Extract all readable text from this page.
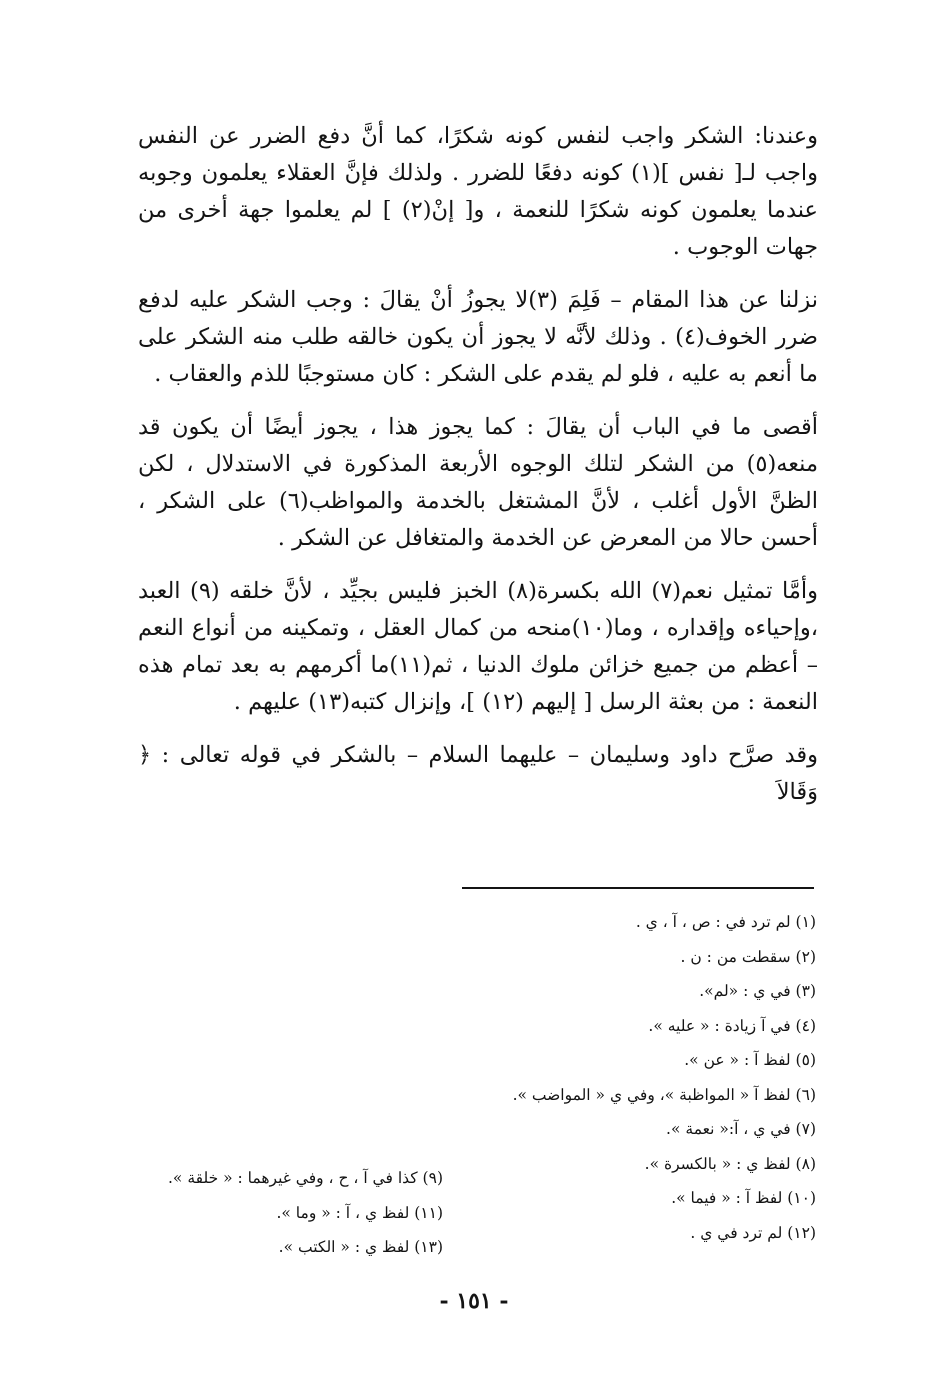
وعندنا: الشكر واجب لنفس كونه شكرًا، كما أنَّ دفع الضرر عن النفس واجب لـ[ نفس ](١) كونه دفعًا للضرر . ولذلك فإنَّ العقلاء يعلمون وجوبه عندما يعلمون كونه شكرًا للنعمة ، و[ إنْ(٢) ] لم يعلموا جهة أخرى من جهات الوجوب .

نزلنا عن هذا المقام – فَلِمَ (٣)لا يجوزُ أنْ يقالَ : وجب الشكر عليه لدفع ضرر الخوف(٤) . وذلك لأنَّه لا يجوز أن يكون خالقه طلب منه الشكر على ما أنعم به عليه ، فلو لم يقدم على الشكر : كان مستوجبًا للذم والعقاب .

أقصى ما في الباب أن يقالَ : كما يجوز هذا ، يجوز أيضًا أن يكون قد منعه(٥) من الشكر لتلك الوجوه الأربعة المذكورة في الاستدلال ، لكن الظنَّ الأول أغلب ، لأنَّ المشتغل بالخدمة والمواظب(٦) على الشكر ، أحسن حالا من المعرض عن الخدمة والمتغافل عن الشكر .

وأمَّا تمثيل نعم(٧) الله بكسرة(٨) الخبز فليس بجيِّد ، لأنَّ خلقه (٩) العبد ،وإحياءه وإقداره ، وما(١٠)منحه من كمال العقل ، وتمكينه من أنواع النعم – أعظم من جميع خزائن ملوك الدنيا ، ثم(١١)ما أكرمهم به بعد تمام هذه النعمة : من بعثة الرسل [ إليهم (١٢) ]، وإنزال كتبه(١٣) عليهم .

وقد صرَّح داود وسليمان – عليهما السلام – بالشكر في قوله تعالى : ﴿ وَقَالاَ

(١) لم ترد في : ص ، آ ، ي .
(٢) سقطت من : ن .
(٣) في ي : «لم».
(٤) في آ زيادة : « عليه ».
(٥) لفظ آ : « عن ».
(٦) لفظ آ « المواظبة »، وفي ي « المواضب ».
(٧) في ي ، آ:« نعمة ».
(٨) لفظ ي : « بالكسرة ».
(١٠) لفظ آ : « فيما ».
(١٢) لم ترد في ي .
(٩) كذا في آ ، ح ، وفي غيرهما : « خلقة ».
(١١) لفظ ي ، آ : « وما ».
(١٣) لفظ ي : « الكتب ».
- ١٥١ -
